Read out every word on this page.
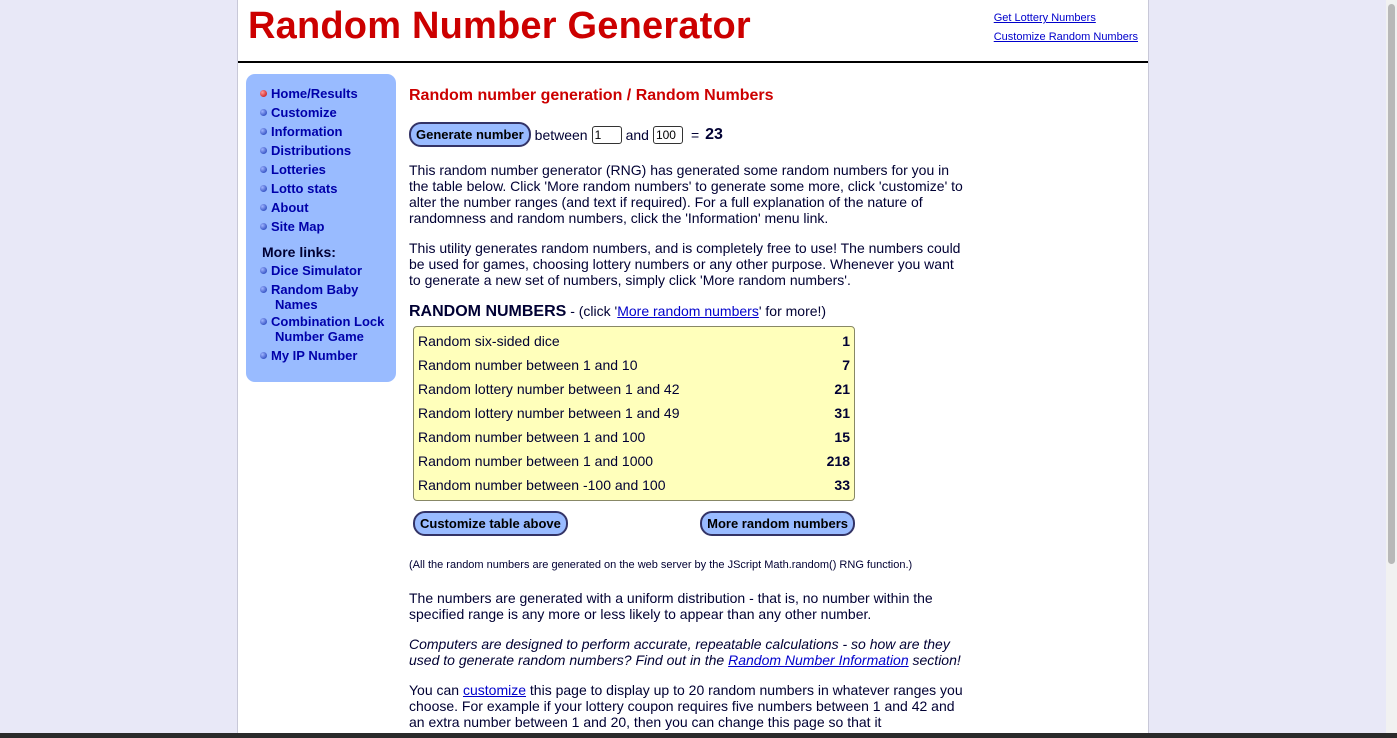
Random Number Generator	Get Lottery Numbers
Customize Random Numbers
Home/Results
Customize
Information
Distributions
Lotteries
Lotto stats
About
Site Map
More links:
Dice Simulator
Random Baby
Names
Combination Lock
Number Game
My IP Number
Random number generation / Random Numbers
Generate number between
1	and
100	= 23

This random number generator (RNG) has generated some random numbers for you in the table below. Click 'More random numbers' to generate some more, click 'customize' to alter the number ranges (and text if required). For a full explanation of the nature of randomness and random numbers, click the 'Information' menu link.

This utility generates random numbers, and is completely free to use! The numbers could be used for games, choosing lottery numbers or any other purpose. Whenever you want to generate a new set of numbers, simply click 'More random numbers'.

RANDOM NUMBERS - (click 'More random numbers' for more!)
Random six-sided dice	1
Random number between 1 and 10	7
Random lottery number between 1 and 42	21
Random lottery number between 1 and 49	31
Random number between 1 and 100	15
Random number between 1 and 1000	218
Random number between -100 and 100	33
Customize table above	More random numbers

(All the random numbers are generated on the web server by the JScript Math.random() RNG function.)

The numbers are generated with a uniform distribution - that is, no number within the specified range is any more or less likely to appear than any other number.

Computers are designed to perform accurate, repeatable calculations - so how are they used to generate random numbers? Find out in the Random Number Information section!

You can customize this page to display up to 20 random numbers in whatever ranges you choose. For example if your lottery coupon requires five numbers between 1 and 42 and an extra number between 1 and 20, then you can change this page so that it
